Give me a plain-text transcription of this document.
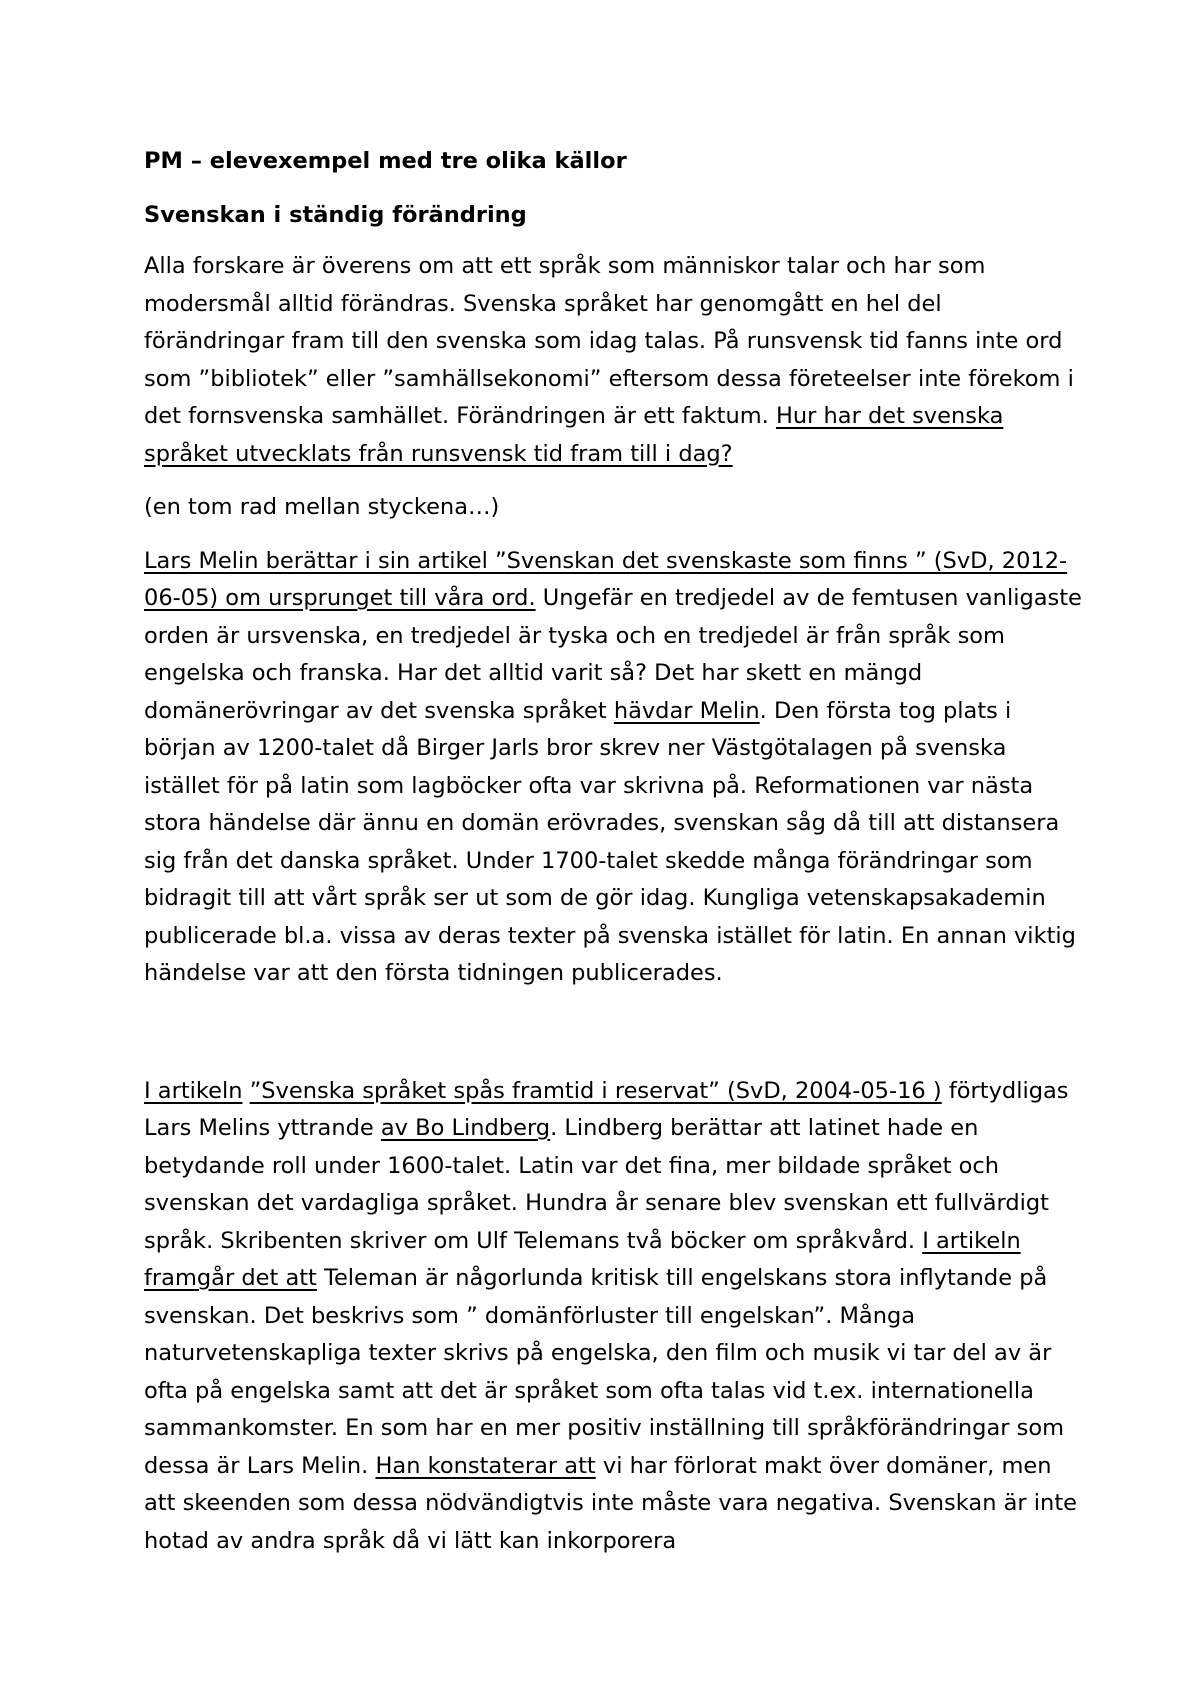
PM – elevexempel med tre olika källor

Svenskan i ständig förändring

Alla forskare är överens om att ett språk som människor talar och har som modersmål alltid förändras. Svenska språket har genomgått en hel del förändringar fram till den svenska som idag talas. På runsvensk tid fanns inte ord som ”bibliotek” eller ”samhällsekonomi” eftersom dessa företeelser inte förekom i det fornsvenska samhället. Förändringen är ett faktum. Hur har det svenska språket utvecklats från runsvensk tid fram till i dag?

(en tom rad mellan styckena…)

Lars Melin berättar i sin artikel ”Svenskan det svenskaste som finns ” (SvD, 2012-06-05) om ursprunget till våra ord. Ungefär en tredjedel av de femtusen vanligaste orden är ursvenska, en tredjedel är tyska och en tredjedel är från språk som engelska och franska. Har det alltid varit så? Det har skett en mängd domänerövringar av det svenska språket hävdar Melin. Den första tog plats i början av 1200-talet då Birger Jarls bror skrev ner Västgötalagen på svenska istället för på latin som lagböcker ofta var skrivna på. Reformationen var nästa stora händelse där ännu en domän erövrades, svenskan såg då till att distansera sig från det danska språket. Under 1700-talet skedde många förändringar som bidragit till att vårt språk ser ut som de gör idag. Kungliga vetenskapsakademin publicerade bl.a. vissa av deras texter på svenska istället för latin. En annan viktig händelse var att den första tidningen publicerades.

I artikeln ”Svenska språket spås framtid i reservat” (SvD, 2004-05-16 ) förtydligas Lars Melins yttrande av Bo Lindberg. Lindberg berättar att latinet hade en betydande roll under 1600-talet. Latin var det fina, mer bildade språket och svenskan det vardagliga språket. Hundra år senare blev svenskan ett fullvärdigt språk. Skribenten skriver om Ulf Telemans två böcker om språkvård. I artikeln framgår det att Teleman är någorlunda kritisk till engelskans stora inflytande på svenskan. Det beskrivs som ” domänförluster till engelskan”. Många naturvetenskapliga texter skrivs på engelska, den film och musik vi tar del av är ofta på engelska samt att det är språket som ofta talas vid t.ex. internationella sammankomster. En som har en mer positiv inställning till språkförändringar som dessa är Lars Melin. Han konstaterar att vi har förlorat makt över domäner, men att skeenden som dessa nödvändigtvis inte måste vara negativa. Svenskan är inte hotad av andra språk då vi lätt kan inkorporera
